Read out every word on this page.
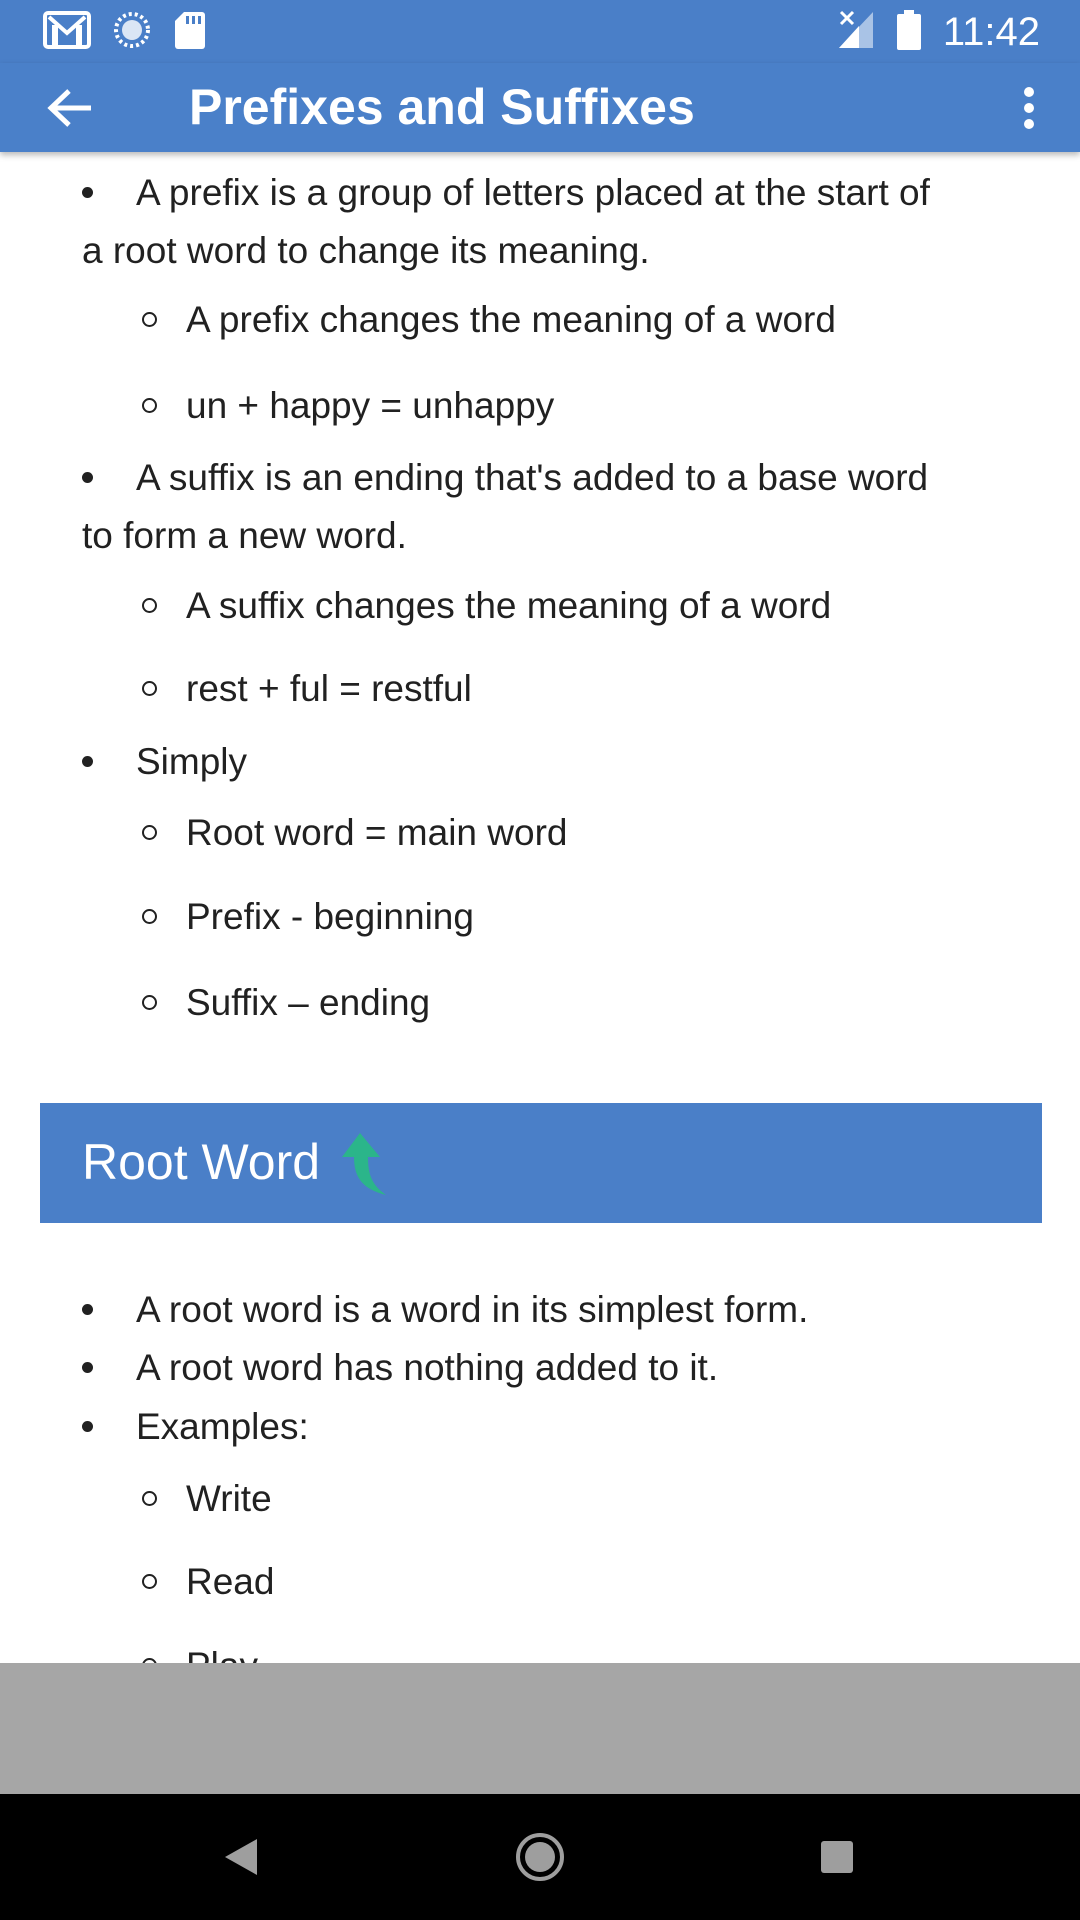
11:42
Prefixes and Suffixes
A prefix is a group of letters placed at the start of
a root word to change its meaning.
A prefix changes the meaning of a word
un + happy = unhappy
A suffix is an ending that's added to a base word
to form a new word.
A suffix changes the meaning of a word
rest + ful = restful
Simply
Root word = main word
Prefix - beginning
Suffix – ending
Root Word
A root word is a word in its simplest form.
A root word has nothing added to it.
Examples:
Write
Read
